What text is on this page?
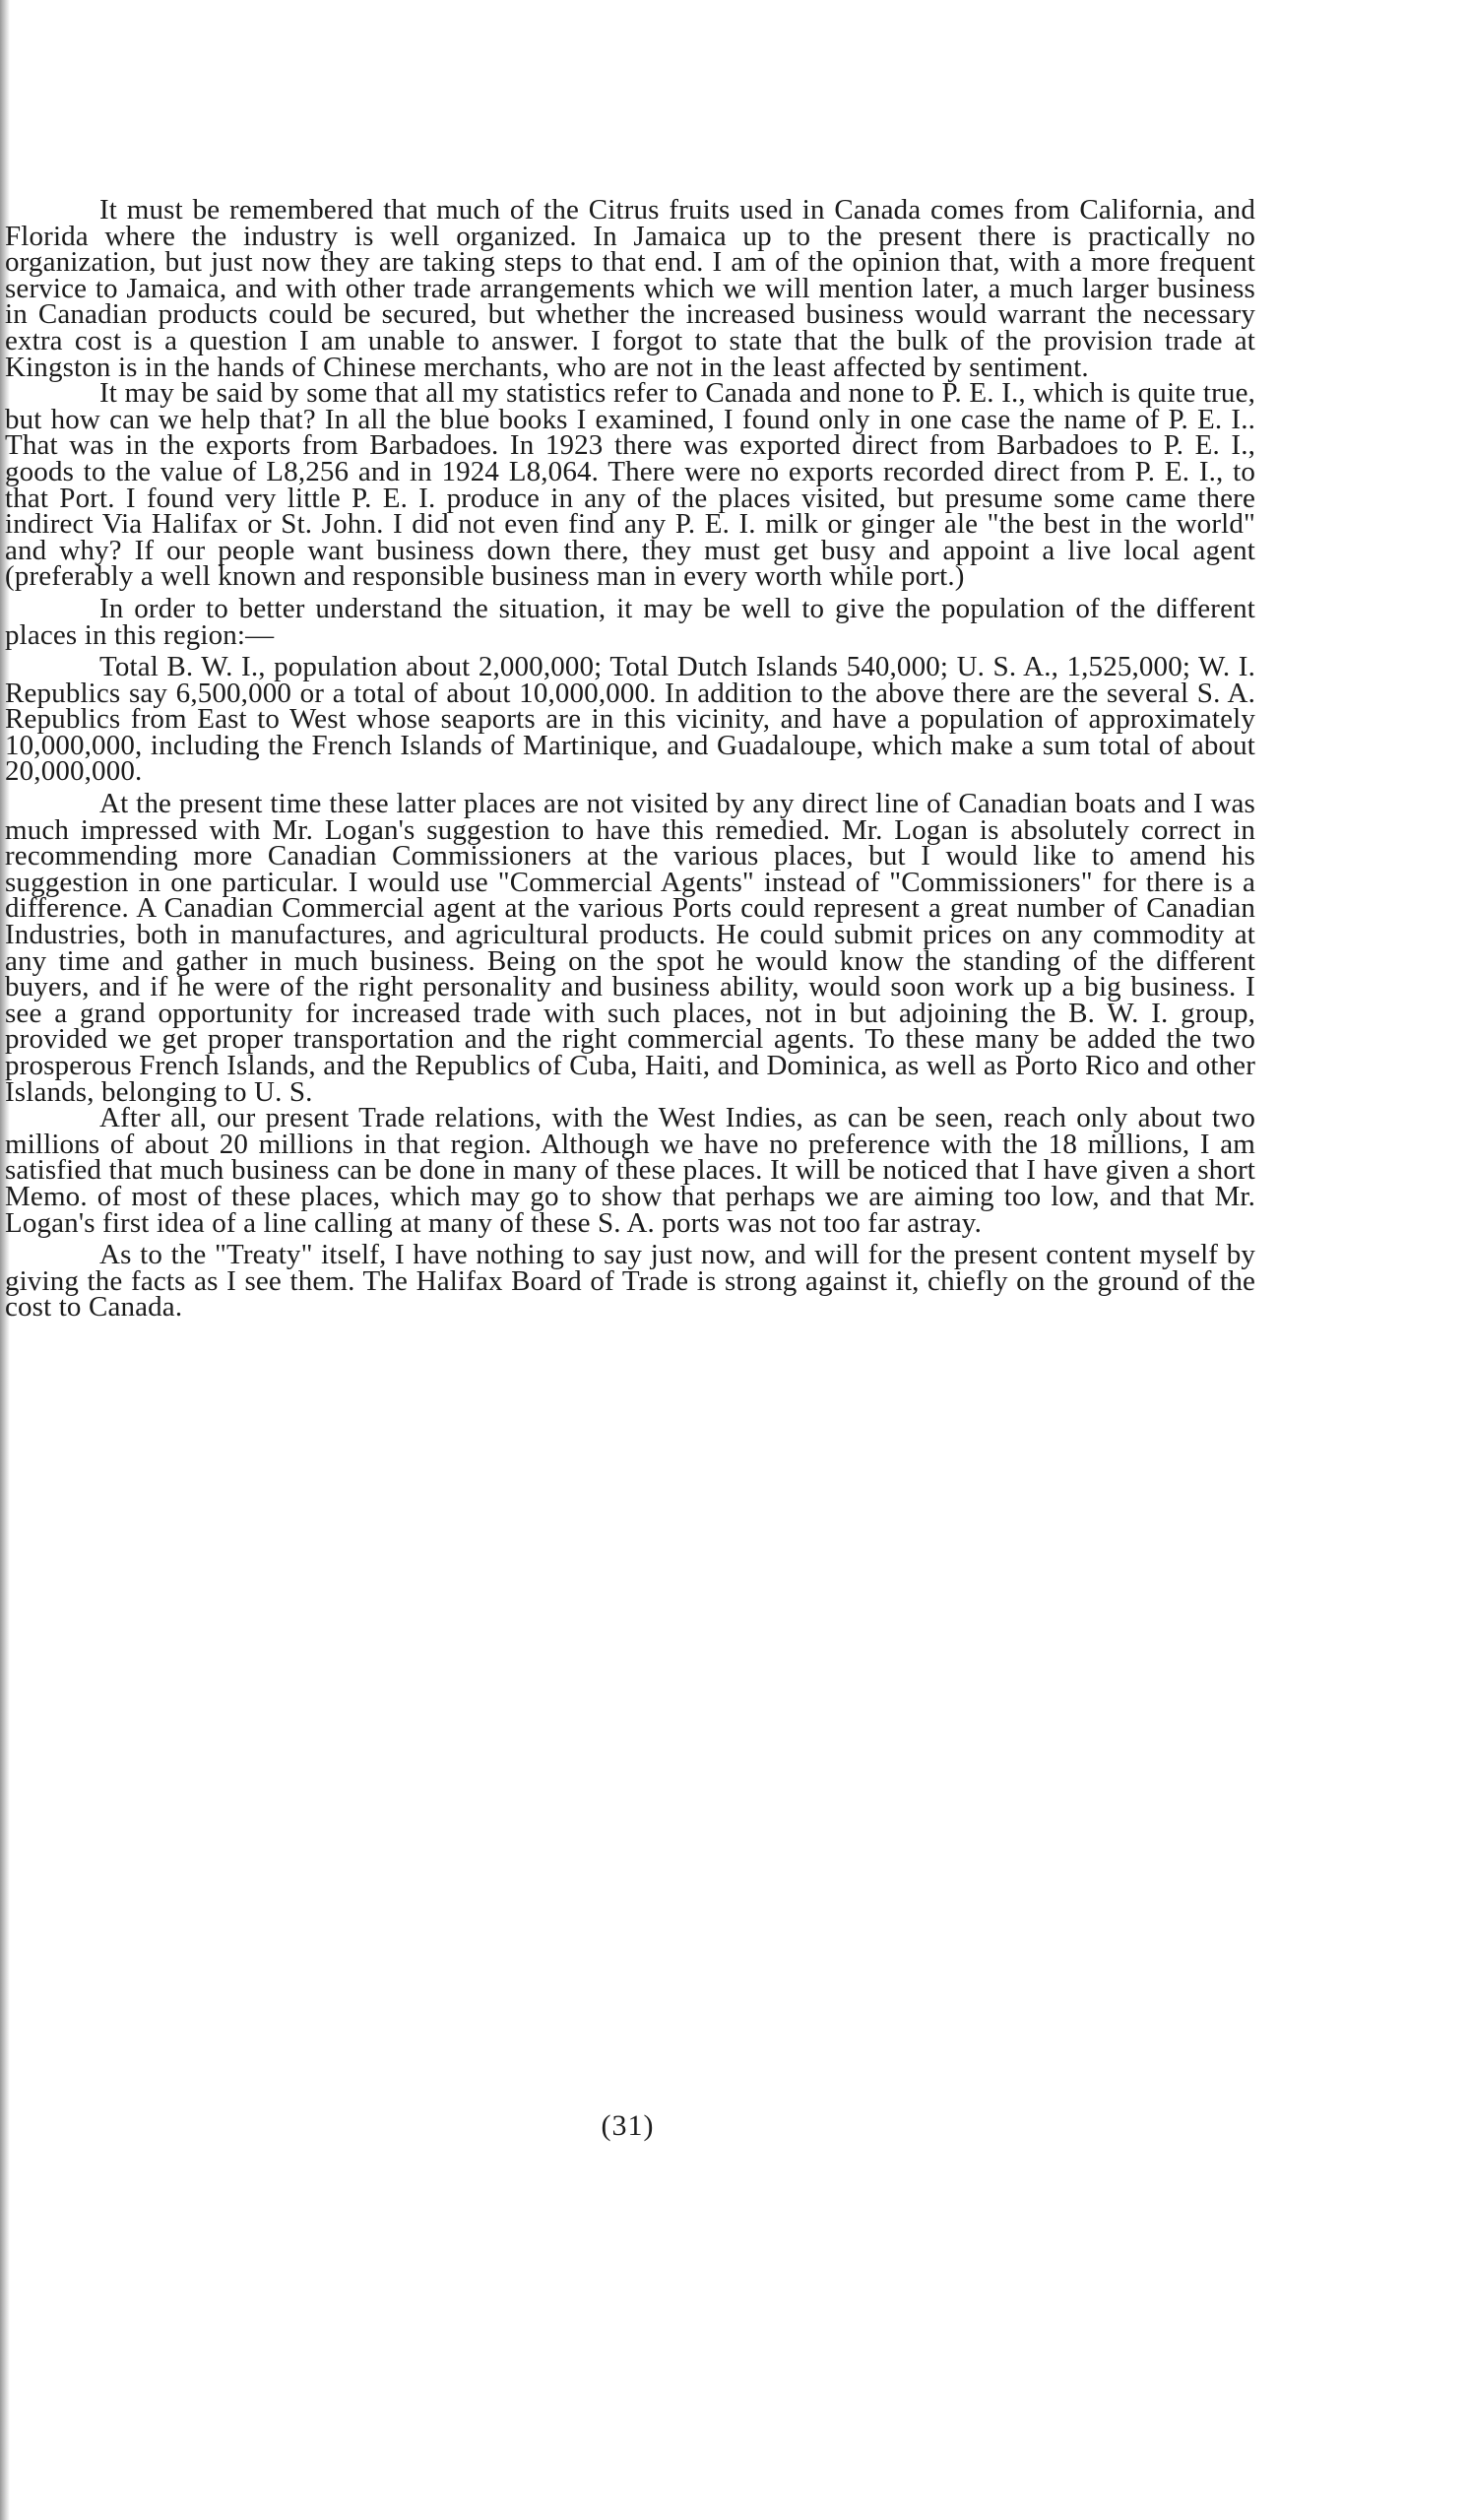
It must be remembered that much of the Citrus fruits used in Canada comes from California, and Florida where the industry is well organized. In Jamaica up to the present there is practically no organization, but just now they are taking steps to that end. I am of the opinion that, with a more frequent service to Jamaica, and with other trade arrangements which we will mention later, a much larger business in Canadian products could be secured, but whether the increased business would warrant the necessary extra cost is a question I am unable to answer. I forgot to state that the bulk of the provision trade at Kingston is in the hands of Chinese merchants, who are not in the least affected by sentiment.

It may be said by some that all my statistics refer to Canada and none to P. E. I., which is quite true, but how can we help that? In all the blue books I examined, I found only in one case the name of P. E. I.. That was in the exports from Barbadoes. In 1923 there was exported direct from Barbadoes to P. E. I., goods to the value of L8,256 and in 1924 L8,064. There were no exports recorded direct from P. E. I., to that Port. I found very little P. E. I. produce in any of the places visited, but presume some came there indirect Via Halifax or St. John. I did not even find any P. E. I. milk or ginger ale "the best in the world" and why? If our people want business down there, they must get busy and appoint a live local agent (preferably a well known and responsible business man in every worth while port.)

In order to better understand the situation, it may be well to give the population of the different places in this region:—

Total B. W. I., population about 2,000,000; Total Dutch Islands 540,000; U. S. A., 1,525,000; W. I. Republics say 6,500,000 or a total of about 10,000,000. In addition to the above there are the several S. A. Republics from East to West whose seaports are in this vicinity, and have a population of approximately 10,000,000, including the French Islands of Martinique, and Guadaloupe, which make a sum total of about 20,000,000.

At the present time these latter places are not visited by any direct line of Canadian boats and I was much impressed with Mr. Logan's suggestion to have this remedied. Mr. Logan is absolutely correct in recommending more Canadian Commissioners at the various places, but I would like to amend his suggestion in one particular. I would use "Commercial Agents" instead of "Commissioners" for there is a difference. A Canadian Commercial agent at the various Ports could represent a great number of Canadian Industries, both in manufactures, and agricultural products. He could submit prices on any commodity at any time and gather in much business. Being on the spot he would know the standing of the different buyers, and if he were of the right personality and business ability, would soon work up a big business. I see a grand opportunity for increased trade with such places, not in but adjoining the B. W. I. group, provided we get proper transportation and the right commercial agents. To these many be added the two prosperous French Islands, and the Republics of Cuba, Haiti, and Dominica, as well as Porto Rico and other Islands, belonging to U. S.

After all, our present Trade relations, with the West Indies, as can be seen, reach only about two millions of about 20 millions in that region. Although we have no preference with the 18 millions, I am satisfied that much business can be done in many of these places. It will be noticed that I have given a short Memo. of most of these places, which may go to show that perhaps we are aiming too low, and that Mr. Logan's first idea of a line calling at many of these S. A. ports was not too far astray.

As to the "Treaty" itself, I have nothing to say just now, and will for the present content myself by giving the facts as I see them. The Halifax Board of Trade is strong against it, chiefly on the ground of the cost to Canada.

(31)
